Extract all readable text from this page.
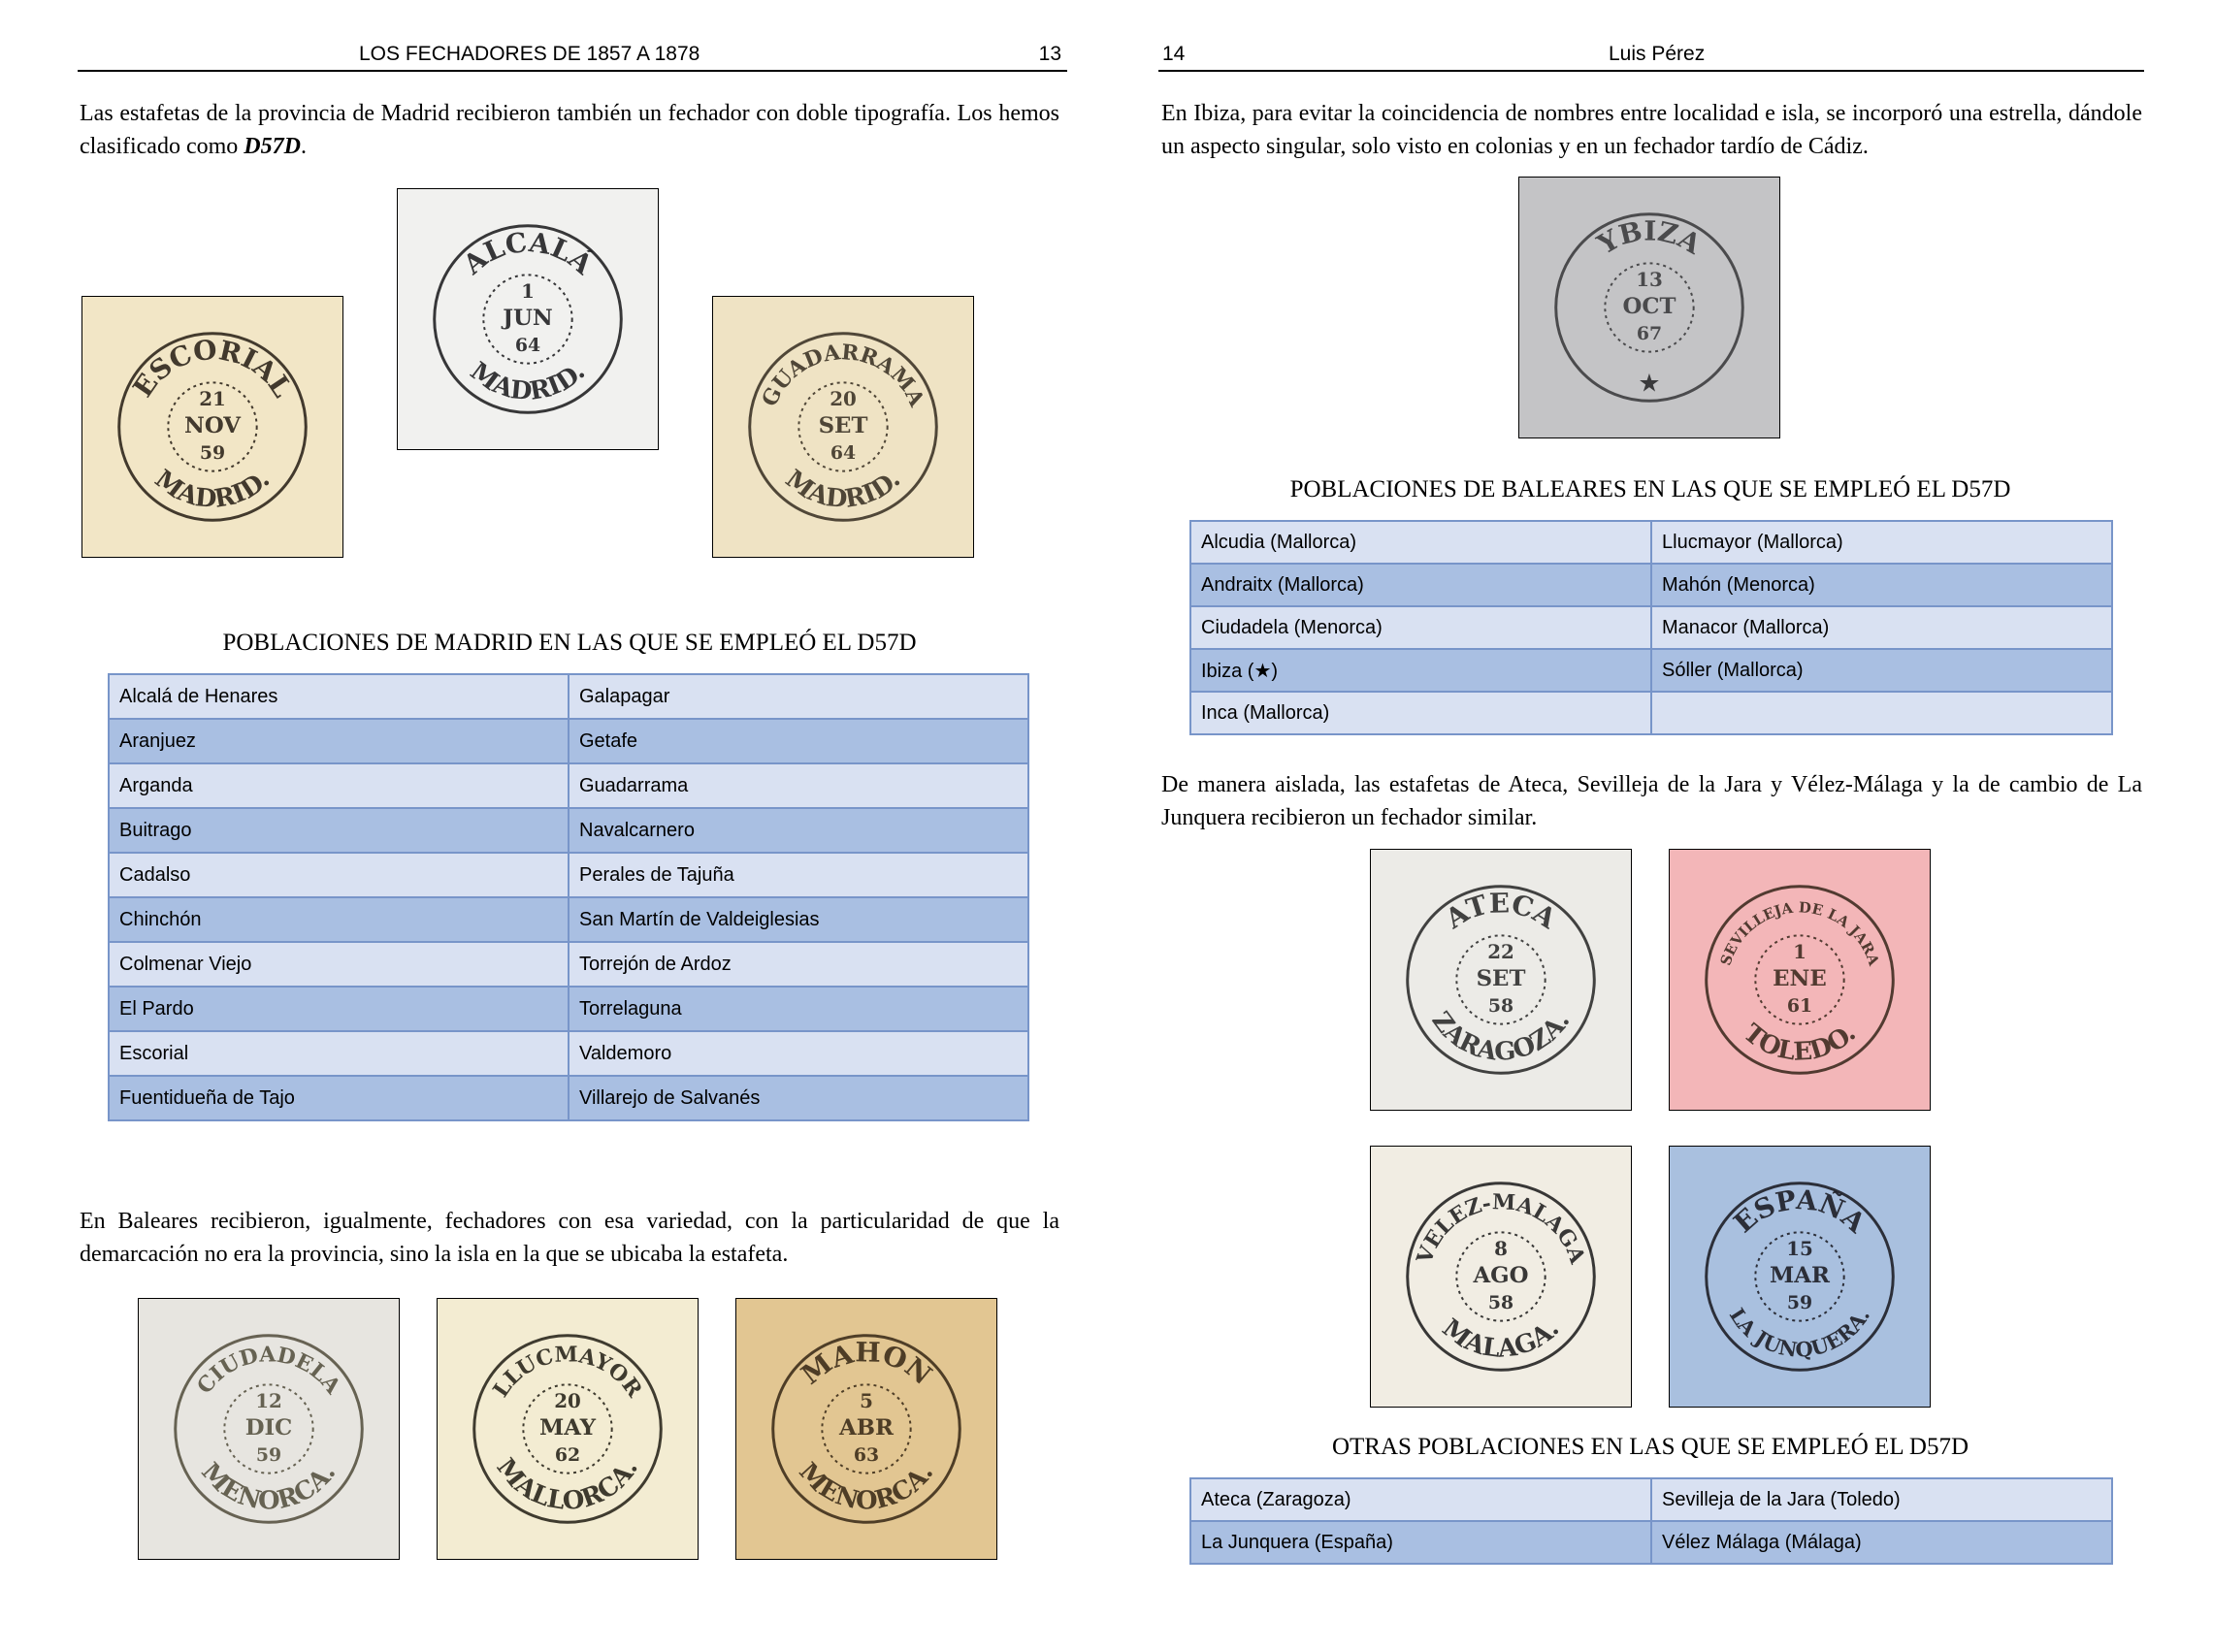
LOS FECHADORES DE 1857 A 1878	13	14	Luis Pérez

Las estafetas de la provincia de Madrid recibieron también un fechador con doble tipografía. Los hemos clasificado como D57D.

ESCORIAL
MADRID.
21
NOV
59
ALCALÁ
MADRID.
1
JUN
64
GUADARRAMA
MADRID.
20
SET
64
POBLACIONES DE MADRID EN LAS QUE SE EMPLEÓ EL D57D
Alcalá de Henares	Galapagar
Aranjuez	Getafe
Arganda	Guadarrama
Buitrago	Navalcarnero
Cadalso	Perales de Tajuña
Chinchón	San Martín de Valdeiglesias
Colmenar Viejo	Torrejón de Ardoz
El Pardo	Torrelaguna
Escorial	Valdemoro
Fuentidueña de Tajo	Villarejo de Salvanés

En Baleares recibieron, igualmente, fechadores con esa variedad, con la particularidad de que la demarcación no era la provincia, sino la isla en la que se ubicaba la estafeta.

CIUDADELA
MENORCA.
12
DIC
59
LLUCMAYOR
MALLORCA.
20
MAY
62
MAHON
MENORCA.
5
ABR
63

En Ibiza, para evitar la coincidencia de nombres entre localidad e isla, se incorporó una estrella, dándole un aspecto singular, solo visto en colonias y en un fechador tardío de Cádiz.

YBIZA
★
13
OCT
67
POBLACIONES DE BALEARES EN LAS QUE SE EMPLEÓ EL D57D
Alcudia (Mallorca)	Llucmayor (Mallorca)
Andraitx (Mallorca)	Mahón (Menorca)
Ciudadela (Menorca)	Manacor (Mallorca)
Ibiza (★)	Sóller (Mallorca)
Inca (Mallorca)	

De manera aislada, las estafetas de Ateca, Sevilleja de la Jara y Vélez-Málaga y la de cambio de La Junquera recibieron un fechador similar.

ATECA
ZARAGOZA.
22
SET
58
SEVILLEJA DE LA JARA
TOLEDO.
1
ENE
61
VELEZ-MALAGA
MALAGA.
8
AGO
58
ESPAÑA
LA JUNQUERA.
15
MAR
59
OTRAS POBLACIONES EN LAS QUE SE EMPLEÓ EL D57D
Ateca (Zaragoza)	Sevilleja de la Jara (Toledo)
La Junquera (España)	Vélez Málaga (Málaga)
